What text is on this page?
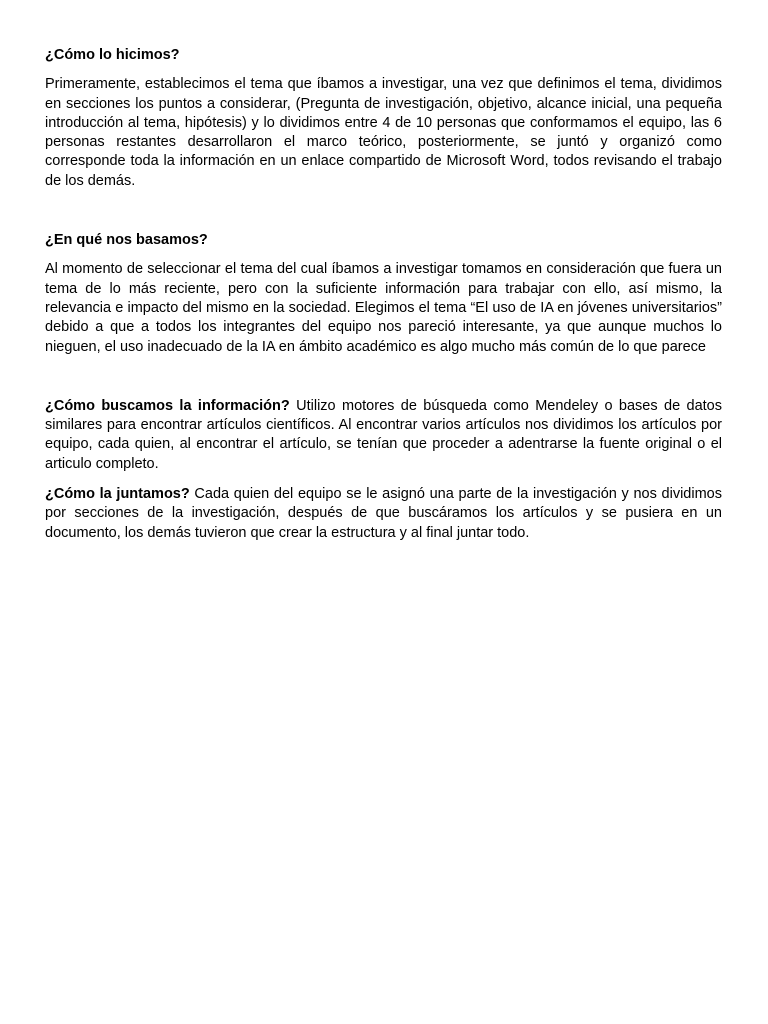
¿Cómo lo hicimos?

Primeramente, establecimos el tema que íbamos a investigar, una vez que definimos el tema, dividimos en secciones los puntos a considerar, (Pregunta de investigación, objetivo, alcance inicial, una pequeña introducción al tema, hipótesis) y lo dividimos entre 4 de 10 personas que conformamos el equipo, las 6 personas restantes desarrollaron el marco teórico, posteriormente, se juntó y organizó como corresponde toda la información en un enlace compartido de Microsoft Word, todos revisando el trabajo de los demás.

¿En qué nos basamos?

Al momento de seleccionar el tema del cual íbamos a investigar tomamos en consideración que fuera un tema de lo más reciente, pero con la suficiente información para trabajar con ello, así mismo, la relevancia e impacto del mismo en la sociedad. Elegimos el tema “El uso de IA en jóvenes universitarios” debido a que a todos los integrantes del equipo nos pareció interesante, ya que aunque muchos lo nieguen, el uso inadecuado de la IA en ámbito académico es algo mucho más común de lo que parece

¿Cómo buscamos la información? Utilizo motores de búsqueda como Mendeley o bases de datos similares para encontrar artículos científicos. Al encontrar varios artículos nos dividimos los artículos por equipo, cada quien, al encontrar el artículo, se tenían que proceder a adentrarse la fuente original o el articulo completo.

¿Cómo la juntamos? Cada quien del equipo se le asignó una parte de la investigación y nos dividimos por secciones de la investigación, después de que buscáramos los artículos y se pusiera en un documento, los demás tuvieron que crear la estructura y al final juntar todo.
